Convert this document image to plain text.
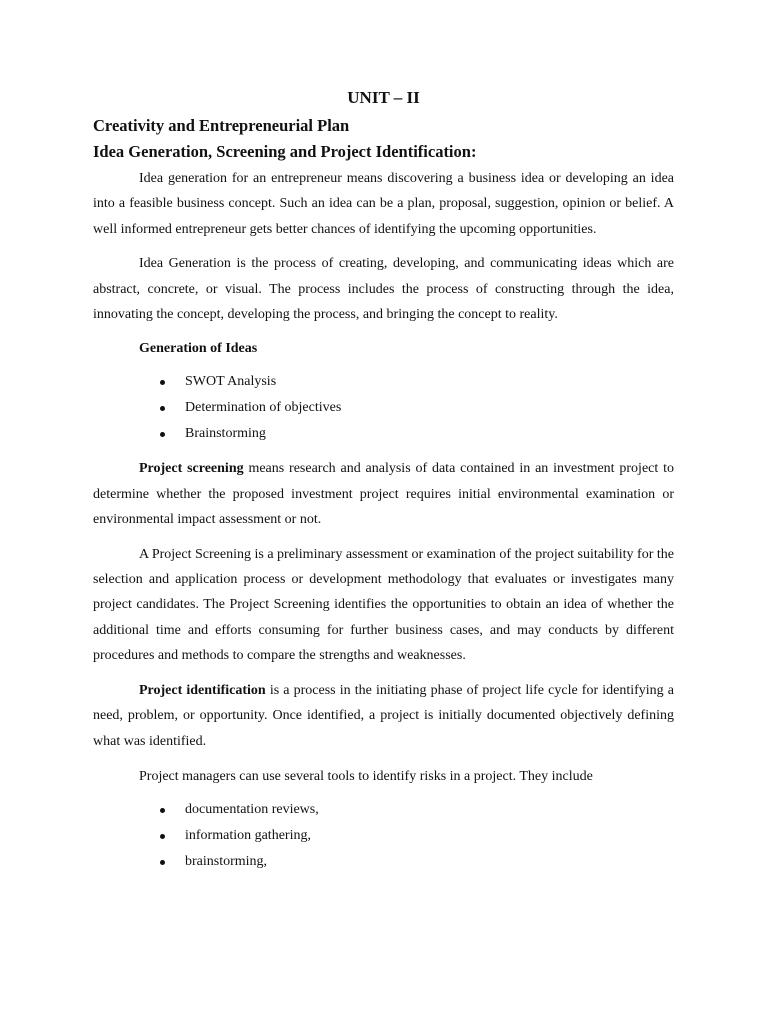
UNIT – II
Creativity and Entrepreneurial Plan
Idea Generation, Screening and Project Identification:

Idea generation for an entrepreneur means discovering a business idea or developing an idea into a feasible business concept. Such an idea can be a plan, proposal, suggestion, opinion or belief. A well informed entrepreneur gets better chances of identifying the upcoming opportunities.

Idea Generation is the process of creating, developing, and communicating ideas which are abstract, concrete, or visual. The process includes the process of constructing through the idea, innovating the concept, developing the process, and bringing the concept to reality.

Generation of Ideas
SWOT Analysis
Determination of objectives
Brainstorming

Project screening means research and analysis of data contained in an investment project to determine whether the proposed investment project requires initial environmental examination or environmental impact assessment or not.

A Project Screening is a preliminary assessment or examination of the project suitability for the selection and application process or development methodology that evaluates or investigates many project candidates. The Project Screening identifies the opportunities to obtain an idea of whether the additional time and efforts consuming for further business cases, and may conducts by different procedures and methods to compare the strengths and weaknesses.

Project identification is a process in the initiating phase of project life cycle for identifying a need, problem, or opportunity. Once identified, a project is initially documented objectively defining what was identified.

Project managers can use several tools to identify risks in a project. They include

documentation reviews,
information gathering,
brainstorming,
